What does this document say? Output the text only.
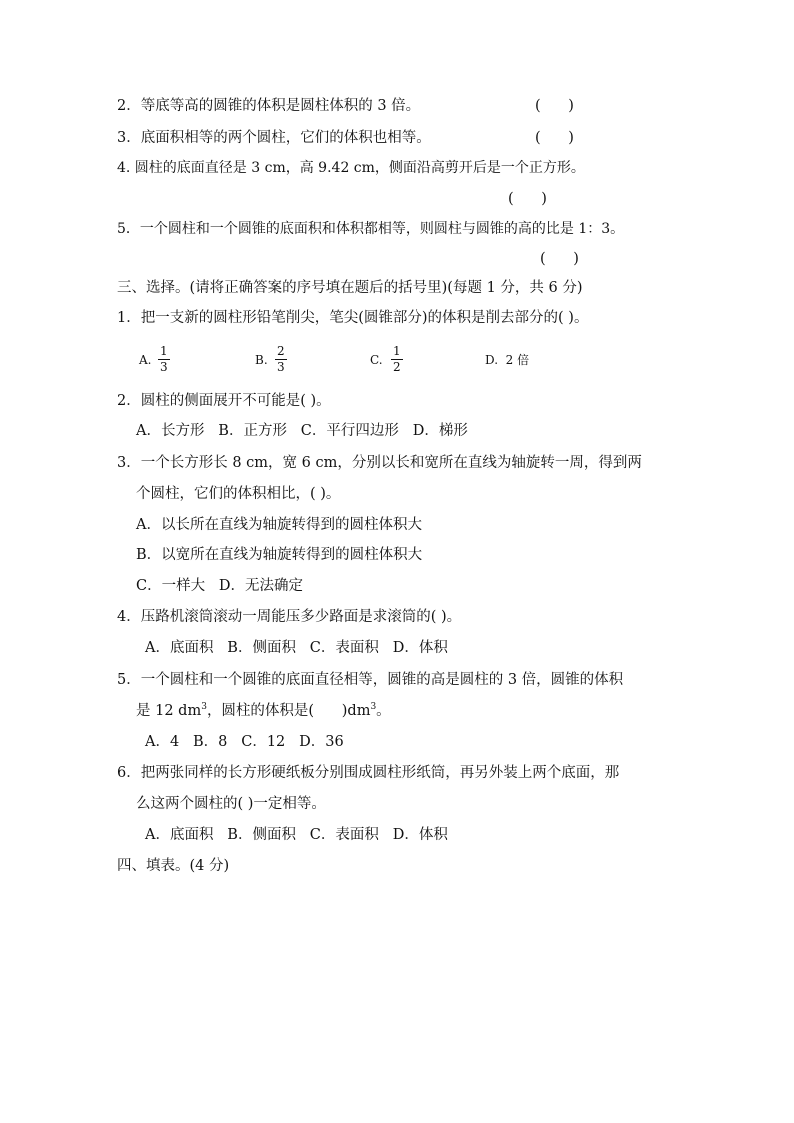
2．等底等高的圆锥的体积是圆柱体积的 3 倍。	(      )
3．底面积相等的两个圆柱，它们的体积也相等。	(      )
4. 圆柱的底面直径是 3 cm，高 9.42 cm，侧面沿高剪开后是一个正方形。
(      )
5．一个圆柱和一个圆锥的底面积和体积都相等，则圆柱与圆锥的高的比是 1：3。
(      )
三、选择。(请将正确答案的序号填在题后的括号里)(每题 1 分，共 6 分)
1．把一支新的圆柱形铅笔削尖，笔尖(圆锥部分)的体积是削去部分的( )。
A.
1
3	B.
2
3	C.
1
2	D.  2 倍
2．圆柱的侧面展开不可能是( )。
A．长方形   B．正方形   C．平行四边形   D．梯形
3．一个长方形长 8 cm，宽 6 cm，分别以长和宽所在直线为轴旋转一周，得到两
个圆柱，它们的体积相比，( )。
A．以长所在直线为轴旋转得到的圆柱体积大
B．以宽所在直线为轴旋转得到的圆柱体积大
C．一样大   D．无法确定
4．压路机滚筒滚动一周能压多少路面是求滚筒的( )。
A．底面积   B．侧面积   C．表面积   D．体积
5．一个圆柱和一个圆锥的底面直径相等，圆锥的高是圆柱的 3 倍，圆锥的体积
是 12 $dm^3$，圆柱的体积是(      )$dm^3$。
A．4   B．8   C．12   D．36
6．把两张同样的长方形硬纸板分别围成圆柱形纸筒，再另外装上两个底面，那
么这两个圆柱的( )一定相等。
A．底面积   B．侧面积   C．表面积   D．体积
四、填表。(4 分)
